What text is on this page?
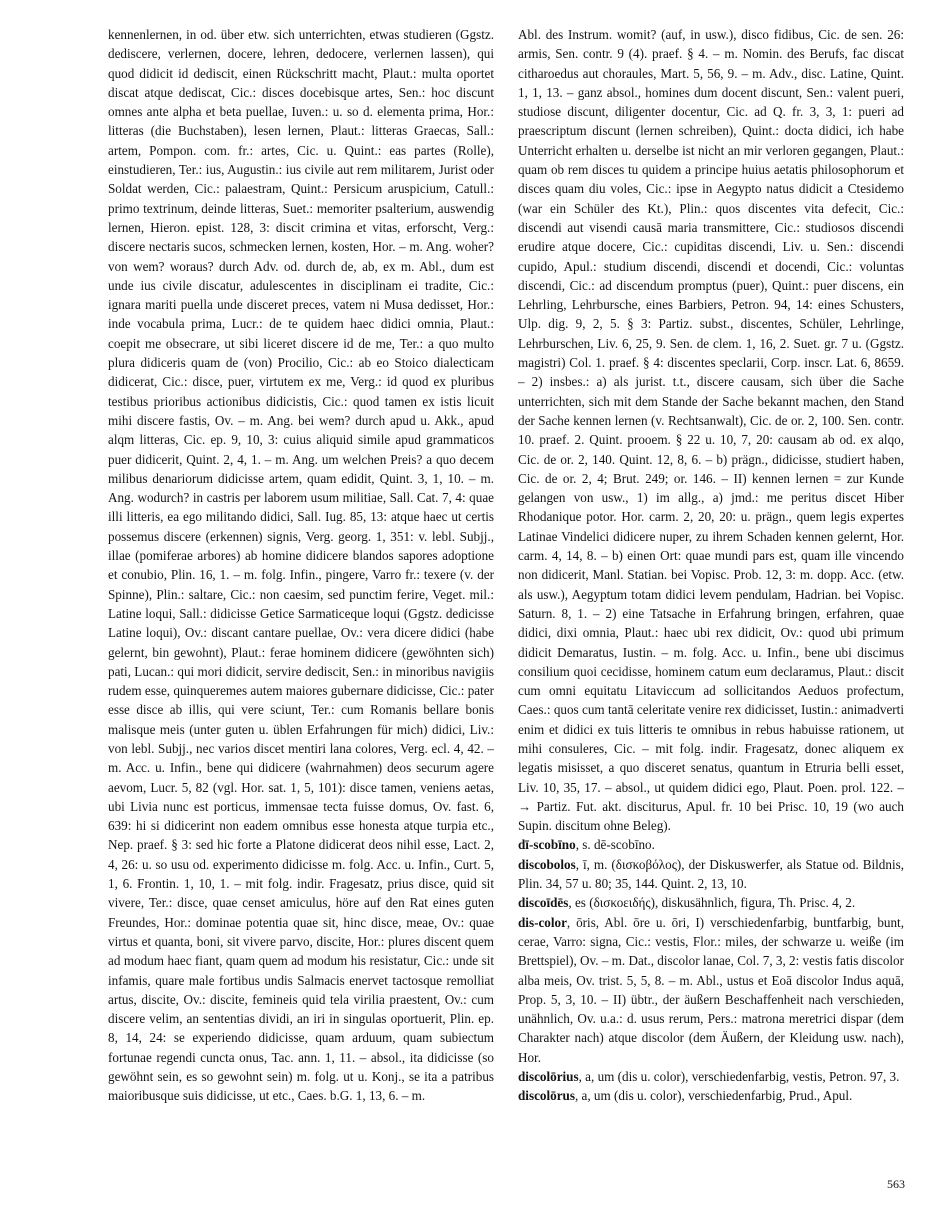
kennenlernen, in od. über etw. sich unterrichten, etwas studieren (Ggstz. dediscere, verlernen, docere, lehren, dedocere, verlernen lassen), qui quod didicit id dediscit, einen Rückschritt macht, Plaut.: multa oportet discat atque dediscat, Cic.: disces docebisque artes, Sen.: hoc discunt omnes ante alpha et beta puellae, Iuven.: u. so d. elementa prima, Hor.: litteras (die Buchstaben), lesen lernen, Plaut.: litteras Graecas, Sall.: artem, Pompon. com. fr.: artes, Cic. u. Quint.: eas partes (Rolle), einstudieren, Ter.: ius, Augustin.: ius civile aut rem militarem, Jurist oder Soldat werden, Cic.: palaestram, Quint.: Persicum aruspicium, Catull.: primo textrinum, deinde litteras, Suet.: memoriter psalterium, auswendig lernen, Hieron. epist. 128, 3: discit crimina et vitas, erforscht, Verg.: discere nectaris sucos, schmecken lernen, kosten, Hor. – m. Ang. woher? von wem? woraus? durch Adv. od. durch de, ab, ex m. Abl., dum est unde ius civile discatur, adulescentes in disciplinam ei tradite, Cic.: ignara mariti puella unde disceret preces, vatem ni Musa dedisset, Hor.: inde vocabula prima, Lucr.: de te quidem haec didici omnia, Plaut.: coepit me obsecrare, ut sibi liceret discere id de me, Ter.: a quo multo plura didiceris quam de (von) Procilio, Cic.: ab eo Stoico dialecticam didicerat, Cic.: disce, puer, virtutem ex me, Verg.: id quod ex pluribus testibus prioribus actionibus didicistis, Cic.: quod tamen ex istis licuit mihi discere fastis, Ov. – m. Ang. bei wem? durch apud u. Akk., apud alqm litteras, Cic. ep. 9, 10, 3: cuius aliquid simile apud grammaticos puer didicerit, Quint. 2, 4, 1. – m. Ang. um welchen Preis? a quo decem milibus denariorum didicisse artem, quam edidit, Quint. 3, 1, 10. – m. Ang. wodurch? in castris per laborem usum militiae, Sall. Cat. 7, 4: quae illi litteris, ea ego militando didici, Sall. Iug. 85, 13: atque haec ut certis possemus discere (erkennen) signis, Verg. georg. 1, 351: v. lebl. Subjj., illae (pomiferae arbores) ab homine didicere blandos sapores adoptione et conubio, Plin. 16, 1. – m. folg. Infin., pingere, Varro fr.: texere (v. der Spinne), Plin.: saltare, Cic.: non caesim, sed punctim ferire, Veget. mil.: Latine loqui, Sall.: didicisse Getice Sarmaticeque loqui (Ggstz. dedicisse Latine loqui), Ov.: discant cantare puellae, Ov.: vera dicere didici (habe gelernt, bin gewohnt), Plaut.: ferae hominem didicere (gewöhnten sich) pati, Lucan.: qui mori didicit, servire dediscit, Sen.: in minoribus navigiis rudem esse, quinqueremes autem maiores gubernare didicisse, Cic.: pater esse disce ab illis, qui vere sciunt, Ter.: cum Romanis bellare bonis malisque meis (unter guten u. üblen Erfahrungen für mich) didici, Liv.: von lebl. Subjj., nec varios discet mentiri lana colores, Verg. ecl. 4, 42. – m. Acc. u. Infin., bene qui didicere (wahrnahmen) deos securum agere aevom, Lucr. 5, 82 (vgl. Hor. sat. 1, 5, 101): disce tamen, veniens aetas, ubi Livia nunc est porticus, immensae tecta fuisse domus, Ov. fast. 6, 639: hi si didicerint non eadem omnibus esse honesta atque turpia etc., Nep. praef. § 3: sed hic forte a Platone didicerat deos nihil esse, Lact. 2, 4, 26: u. so usu od. experimento didicisse m. folg. Acc. u. Infin., Curt. 5, 1, 6. Frontin. 1, 10, 1. – mit folg. indir. Fragesatz, prius disce, quid sit vivere, Ter.: disce, quae censet amiculus, höre auf den Rat eines guten Freundes, Hor.: dominae potentia quae sit, hinc disce, meae, Ov.: quae virtus et quanta, boni, sit vivere parvo, discite, Hor.: plures discent quem ad modum haec fiant, quam quem ad modum his resistatur, Cic.: unde sit infamis, quare male fortibus undis Salmacis enervet tactosque remolliat artus, discite, Ov.: discite, femineis quid tela virilia praestent, Ov.: cum discere velim, an sententias dividi, an iri in singulas oportuerit, Plin. ep. 8, 14, 24: se experiendo didicisse, quam arduum, quam subiectum fortunae regendi cuncta onus, Tac. ann. 1, 11. – absol., ita didicisse (so gewöhnt sein, es so gewohnt sein) m. folg. ut u. Konj., se ita a patribus maioribusque suis didicisse, ut etc., Caes. b.G. 1, 13, 6. – m.

Abl. des Instrum. womit? (auf, in usw.), disco fidibus, Cic. de sen. 26: armis, Sen. contr. 9 (4). praef. § 4. – m. Nomin. des Berufs, fac discat citharoedus aut choraules, Mart. 5, 56, 9. – m. Adv., disc. Latine, Quint. 1, 1, 13. – ganz absol., homines dum docent discunt, Sen.: valent pueri, studiose discunt, diligenter docentur, Cic. ad Q. fr. 3, 3, 1: pueri ad praescriptum discunt (lernen schreiben), Quint.: docta didici, ich habe Unterricht erhalten u. derselbe ist nicht an mir verloren gegangen, Plaut.: quam ob rem disces tu quidem a principe huius aetatis philosophorum et disces quam diu voles, Cic.: ipse in Aegypto natus didicit a Ctesidemo (war ein Schüler des Kt.), Plin.: quos discentes vita defecit, Cic.: discendi aut visendi causā maria transmittere, Cic.: studiosos discendi erudire atque docere, Cic.: cupiditas discendi, Liv. u. Sen.: discendi cupido, Apul.: studium discendi, discendi et docendi, Cic.: voluntas discendi, Cic.: ad discendum promptus (puer), Quint.: puer discens, ein Lehrling, Lehrbursche, eines Barbiers, Petron. 94, 14: eines Schusters, Ulp. dig. 9, 2, 5. § 3: Partiz. subst., discentes, Schüler, Lehrlinge, Lehrburschen, Liv. 6, 25, 9. Sen. de clem. 1, 16, 2. Suet. gr. 7 u. (Ggstz. magistri) Col. 1. praef. § 4: discentes speclarii, Corp. inscr. Lat. 6, 8659. – 2) insbes.: a) als jurist. t.t., discere causam, sich über die Sache unterrichten, sich mit dem Stande der Sache bekannt machen, den Stand der Sache kennen lernen (v. Rechtsanwalt), Cic. de or. 2, 100. Sen. contr. 10. praef. 2. Quint. prooem. § 22 u. 10, 7, 20: causam ab od. ex alqo, Cic. de or. 2, 140. Quint. 12, 8, 6. – b) prägn., didicisse, studiert haben, Cic. de or. 2, 4; Brut. 249; or. 146. – II) kennen lernen = zur Kunde gelangen von usw., 1) im allg., a) jmd.: me peritus discet Hiber Rhodanique potor. Hor. carm. 2, 20, 20: u. prägn., quem legis expertes Latinae Vindelici didicere nuper, zu ihrem Schaden kennen gelernt, Hor. carm. 4, 14, 8. – b) einen Ort: quae mundi pars est, quam ille vincendo non didicerit, Manl. Statian. bei Vopisc. Prob. 12, 3: m. dopp. Acc. (etw. als usw.), Aegyptum totam didici levem pendulam, Hadrian. bei Vopisc. Saturn. 8, 1. – 2) eine Tatsache in Erfahrung bringen, erfahren, quae didici, dixi omnia, Plaut.: haec ubi rex didicit, Ov.: quod ubi primum didicit Demaratus, Iustin. – m. folg. Acc. u. Infin., bene ubi discimus consilium quoi cecidisse, hominem catum eum declaramus, Plaut.: discit cum omni equitatu Litaviccum ad sollicitandos Aeduos profectum, Caes.: quos cum tantā celeritate venire rex didicisset, Iustin.: animadverti enim et didici ex tuis litteris te omnibus in rebus habuisse rationem, ut mihi consuleres, Cic. – mit folg. indir. Fragesatz, donec aliquem ex legatis misisset, a quo disceret senatus, quantum in Etruria belli esset, Liv. 10, 35, 17. – absol., ut quidem didici ego, Plaut. Poen. prol. 122. – → Partiz. Fut. akt. disciturus, Apul. fr. 10 bei Prisc. 10, 19 (wo auch Supin. discitum ohne Beleg).

dī-scobīno, s. dē-scobīno.

discobolos, ī, m. (δισκοβόλος), der Diskuswerfer, als Statue od. Bildnis, Plin. 34, 57 u. 80; 35, 144. Quint. 2, 13, 10.

discoīdēs, es (δισκοειδής), diskusähnlich, figura, Th. Prisc. 4, 2.

dis-color, ōris, Abl. ōre u. ōri, I) verschiedenfarbig, buntfarbig, bunt, cerae, Varro: signa, Cic.: vestis, Flor.: miles, der schwarze u. weiße (im Brettspiel), Ov. – m. Dat., discolor lanae, Col. 7, 3, 2: vestis fatis discolor alba meis, Ov. trist. 5, 5, 8. – m. Abl., ustus et Eoā discolor Indus aquā, Prop. 5, 3, 10. – II) übtr., der äußern Beschaffenheit nach verschieden, unähnlich, Ov. u.a.: d. usus rerum, Pers.: matrona meretrici dispar (dem Charakter nach) atque discolor (dem Äußern, der Kleidung usw. nach), Hor.

discolōrius, a, um (dis u. color), verschiedenfarbig, vestis, Petron. 97, 3.

discolōrus, a, um (dis u. color), verschiedenfarbig, Prud., Apul.

563
